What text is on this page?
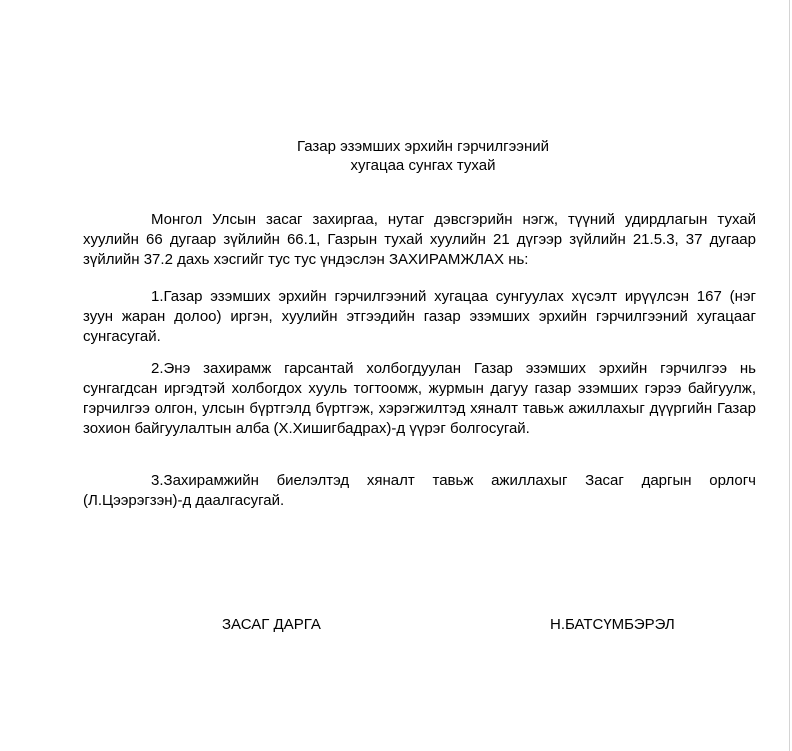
Газар эзэмших эрхийн гэрчилгээний
хугацаа сунгах тухай

Монгол Улсын засаг захиргаа, нутаг дэвсгэрийн нэгж, түүний удирдлагын тухай хуулийн 66 дугаар зүйлийн 66.1, Газрын тухай хуулийн 21 дүгээр зүйлийн 21.5.3, 37 дугаар зүйлийн 37.2 дахь хэсгийг тус тус үндэслэн ЗАХИРАМЖЛАХ нь:

1.Газар эзэмших эрхийн гэрчилгээний хугацаа сунгуулах хүсэлт ирүүлсэн 167 (нэг зуун жаран долоо) иргэн, хуулийн этгээдийн газар эзэмших эрхийн гэрчилгээний хугацааг сунгасугай.

2.Энэ захирамж гарсантай холбогдуулан Газар эзэмших эрхийн гэрчилгээ нь сунгагдсан иргэдтэй холбогдох хууль тогтоомж, журмын дагуу газар эзэмших гэрээ байгуулж, гэрчилгээ олгон, улсын бүртгэлд бүртгэж, хэрэгжилтэд хяналт тавьж ажиллахыг дүүргийн Газар зохион байгуулалтын алба (Х.Хишигбадрах)-д үүрэг болгосугай.

3.Захирамжийн биелэлтэд хяналт тавьж ажиллахыг Засаг даргын орлогч (Л.Цээрэгзэн)-д даалгасугай.

ЗАСАГ ДАРГА	Н.БАТСҮМБЭРЭЛ
